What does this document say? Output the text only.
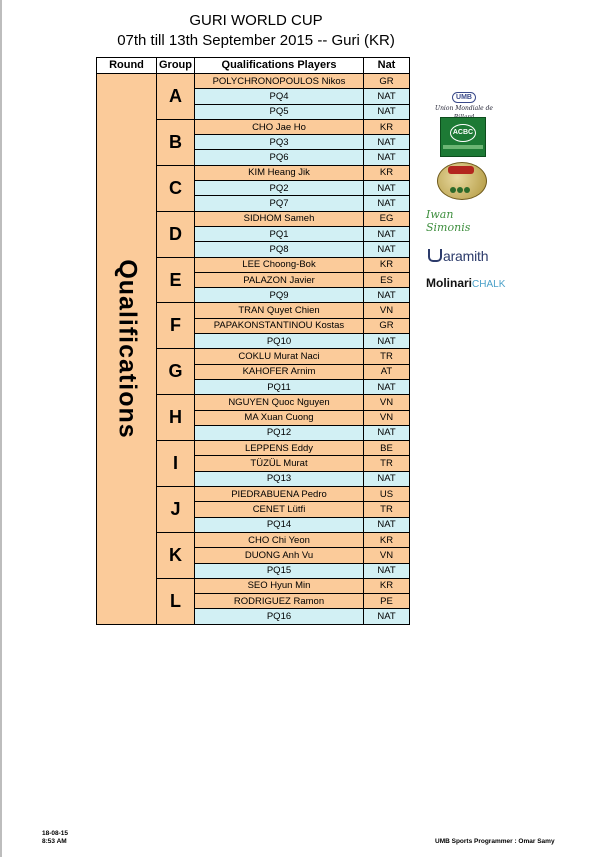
GURI WORLD CUP
07th till 13th September 2015 -- Guri (KR)
Round	Group	Qualifications Players	Nat

Qualifications	A	POLYCHRONOPOULOS Nikos	GR
		PQ4	NAT
		PQ5	NAT
	B	CHO Jae Ho	KR
		PQ3	NAT
		PQ6	NAT
	C	KIM Heang Jik	KR
		PQ2	NAT
		PQ7	NAT
	D	SIDHOM Sameh	EG
		PQ1	NAT
		PQ8	NAT
	E	LEE Choong-Bok	KR
		PALAZON Javier	ES
		PQ9	NAT
	F	TRAN Quyet Chien	VN
		PAPAKONSTANTINOU Kostas	GR
		PQ10	NAT
	G	COKLU Murat Naci	TR
		KAHOFER Arnim	AT
		PQ11	NAT
	H	NGUYEN Quoc Nguyen	VN
		MA Xuan Cuong	VN
		PQ12	NAT
	I	LEPPENS Eddy	BE
		TÜZÜL Murat	TR
		PQ13	NAT
	J	PIEDRABUENA Pedro	US
		CENET Lütfi	TR
		PQ14	NAT
	K	CHO Chi Yeon	KR
		DUONG Anh Vu	VN
		PQ15	NAT
	L	SEO Hyun Min	KR
		RODRIGUEZ Ramon	PE
		PQ16	NAT
UMB
Union Mondiale de
ACBC
Iwan Simonis
aramith
MolinariCHALK
18-08-15
8:53 AM	UMB Sports Programmer : Omar Samy
